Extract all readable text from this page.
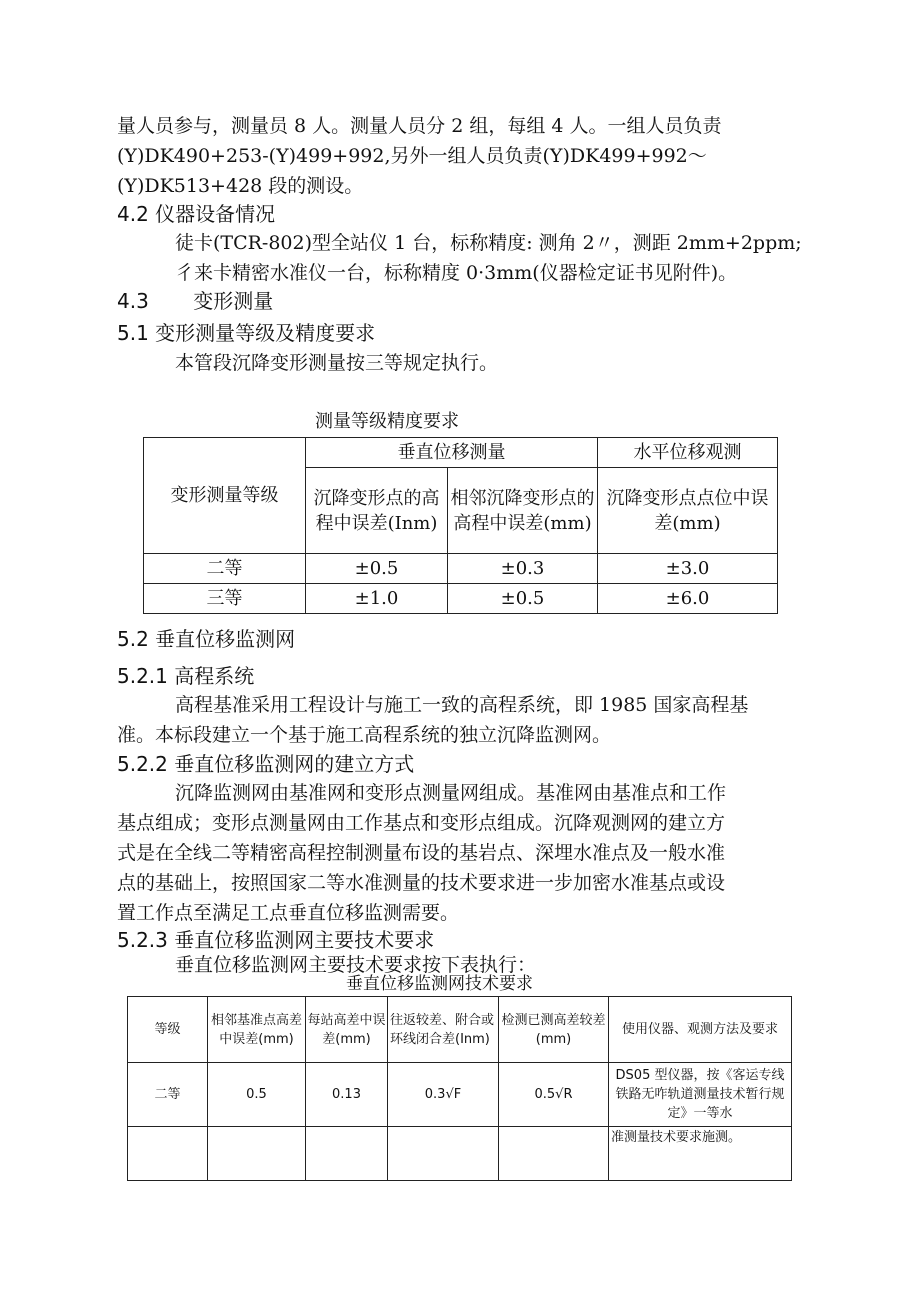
量人员参与，测量员 8 人。测量人员分 2 组，每组 4 人。一组人员负责
(Y)DK490+253-(Y)499+992,另外一组人员负责(Y)DK499+992～
(Y)DK513+428 段的测设。
4.2 仪器设备情况
徒卡(TCR-802)型全站仪 1 台，标称精度: 测角 2〃，测距 2mm+2ppm;
彳来卡精密水准仪一台，标称精度 0·3mm(仪器检定证书见附件)。
4.3       变形测量
5.1 变形测量等级及精度要求
本管段沉降变形测量按三等规定执行。
测量等级精度要求
变形测量等级	垂直位移测量		水平位移观测
	沉降变形点的高程中误差(Inm)	相邻沉降变形点的高程中误差(mm)	沉降变形点点位中误差(mm)
二等	±0.5	±0.3	±3.0
三等	±1.0	±0.5	±6.0
5.2 垂直位移监测网
5.2.1 高程系统
高程基准采用工程设计与施工一致的高程系统，即 1985 国家高程基
准。本标段建立一个基于施工高程系统的独立沉降监测网。
5.2.2 垂直位移监测网的建立方式
沉降监测网由基准网和变形点测量网组成。基准网由基准点和工作
基点组成；变形点测量网由工作基点和变形点组成。沉降观测网的建立方
式是在全线二等精密高程控制测量布设的基岩点、深埋水准点及一般水准
点的基础上，按照国家二等水准测量的技术要求进一步加密水准基点或设
置工作点至满足工点垂直位移监测需要。
5.2.3 垂直位移监测网主要技术要求
垂直位移监测网主要技术要求按下表执行：
垂直位移监测网技术要求
等级	相邻基准点高差中误差(mm)	每站高差中误差(mm)	往返较差、附合或环线闭合差(Inm)	检测已测高差较差(mm)	使用仪器、观测方法及要求
二等	0.5	0.13	0.3√F	0.5√R	DS05 型仪器，按《客运专线铁路无咋轨道测量技术暂行规定》一等水
					准测量技术要求施测。
